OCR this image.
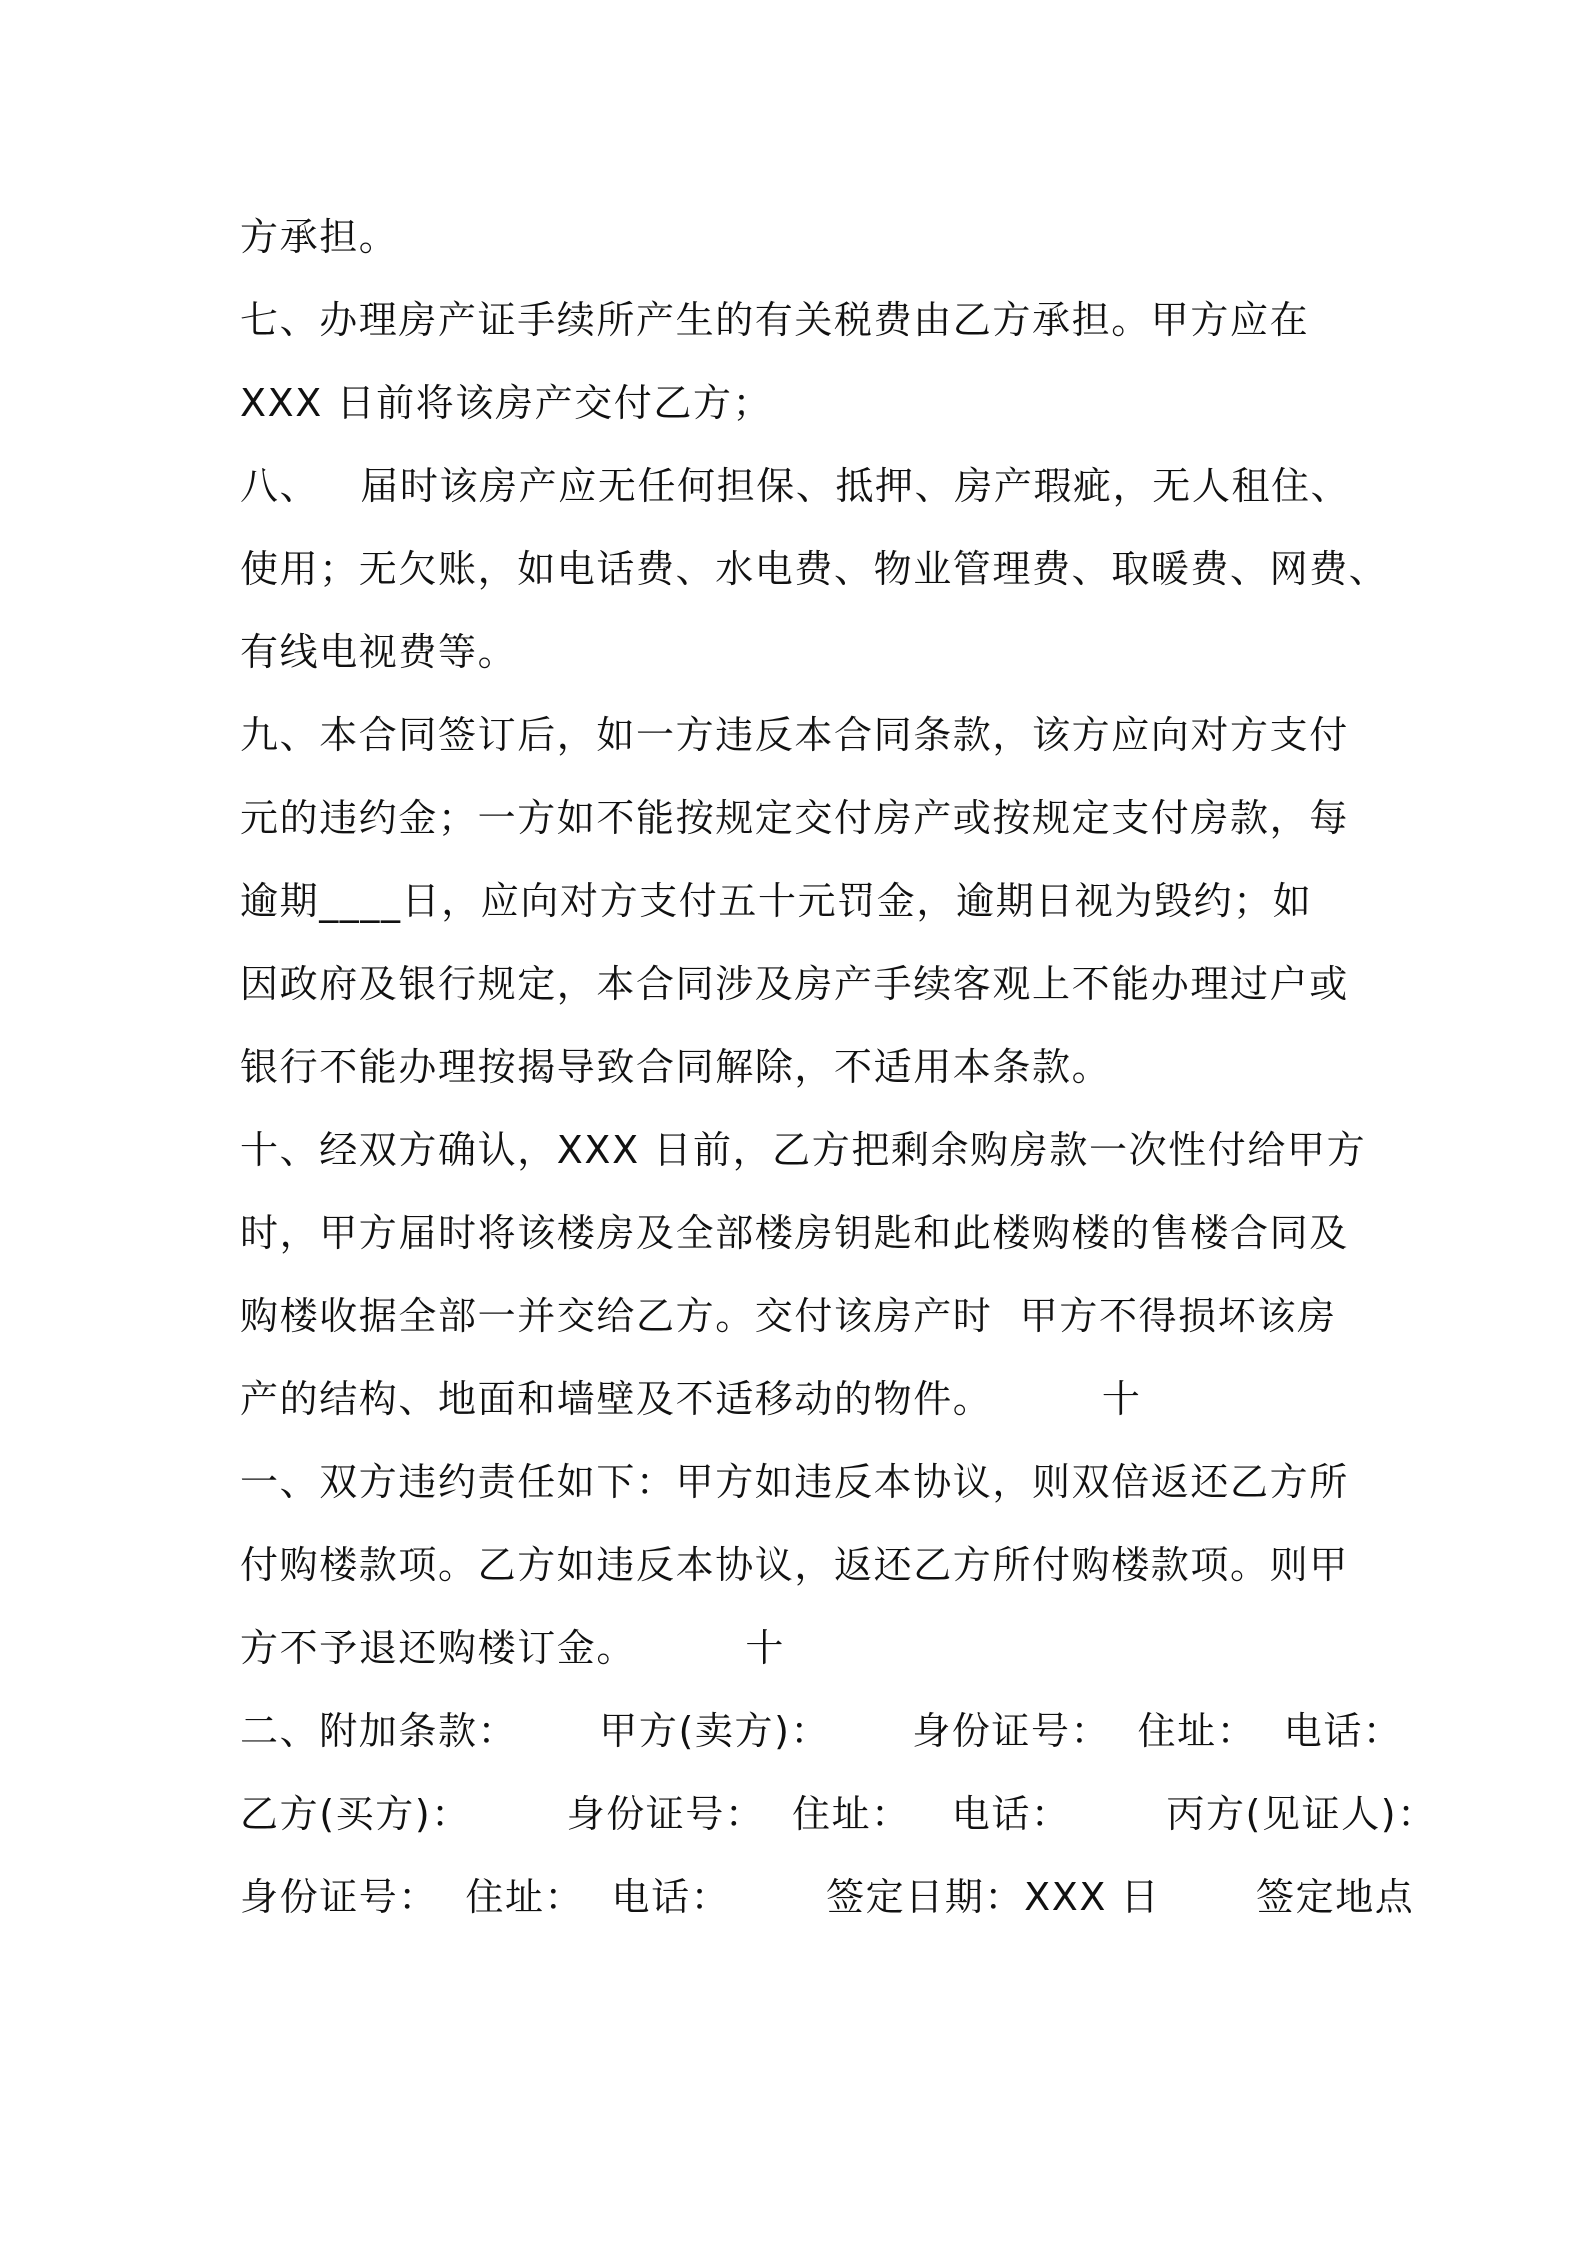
方承担。
七、办理房产证手续所产生的有关税费由乙方承担。甲方应在
XXX 日前将该房产交付乙方；
八、   届时该房产应无任何担保、抵押、房产瑕疵，无人租住、
使用；无欠账，如电话费、水电费、物业管理费、取暖费、网费、
有线电视费等。
九、本合同签订后，如一方违反本合同条款，该方应向对方支付
元的违约金；一方如不能按规定交付房产或按规定支付房款，每
逾期____日，应向对方支付五十元罚金，逾期日视为毁约；如
因政府及银行规定，本合同涉及房产手续客观上不能办理过户或
银行不能办理按揭导致合同解除，不适用本条款。
十、经双方确认，XXX 日前，乙方把剩余购房款一次性付给甲方
时，甲方届时将该楼房及全部楼房钥匙和此楼购楼的售楼合同及
购楼收据全部一并交给乙方。交付该房产时  甲方不得损坏该房
产的结构、地面和墙壁及不适移动的物件。        十
一、双方违约责任如下：甲方如违反本协议，则双倍返还乙方所
付购楼款项。乙方如违反本协议，返还乙方所付购楼款项。则甲
方不予退还购楼订金。        十
二、附加条款：      甲方(卖方)：      身份证号：  住址：  电话：
乙方(买方)：       身份证号：  住址：   电话：       丙方(见证人)：
身份证号：  住址：  电话：       签定日期：XXX 日       签定地点
